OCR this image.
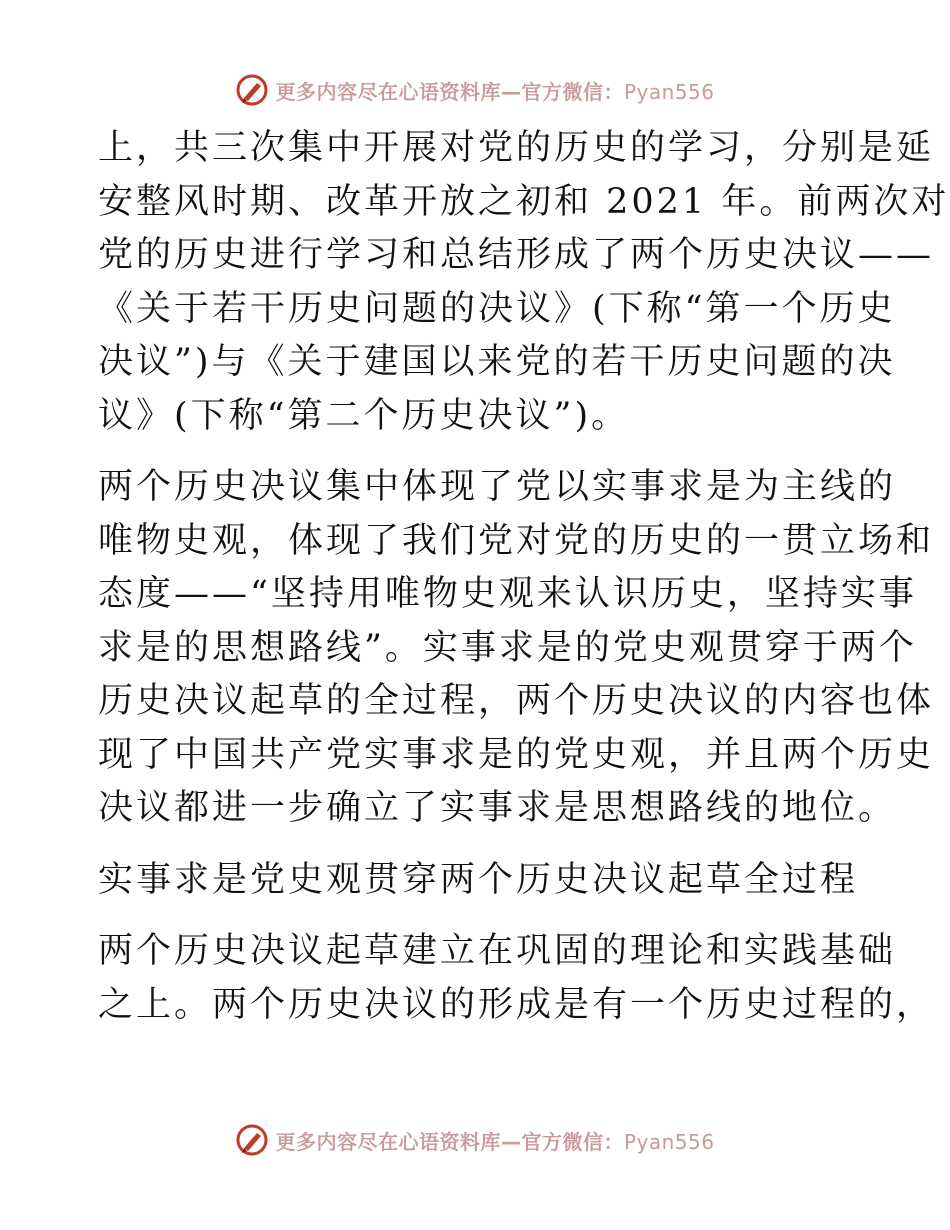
更多内容尽在心语资料库—官方微信：Pyan556

上，共三次集中开展对党的历史的学习，分别是延
安整风时期、改革开放之初和 2021 年。前两次对
党的历史进行学习和总结形成了两个历史决议——
《关于若干历史问题的决议》(下称“第一个历史
决议”)与《关于建国以来党的若干历史问题的决
议》(下称“第二个历史决议”)。

两个历史决议集中体现了党以实事求是为主线的
唯物史观，体现了我们党对党的历史的一贯立场和
态度——“坚持用唯物史观来认识历史，坚持实事
求是的思想路线”。实事求是的党史观贯穿于两个
历史决议起草的全过程，两个历史决议的内容也体
现了中国共产党实事求是的党史观，并且两个历史
决议都进一步确立了实事求是思想路线的地位。

实事求是党史观贯穿两个历史决议起草全过程

两个历史决议起草建立在巩固的理论和实践基础
之上。两个历史决议的形成是有一个历史过程的，

更多内容尽在心语资料库—官方微信：Pyan556
